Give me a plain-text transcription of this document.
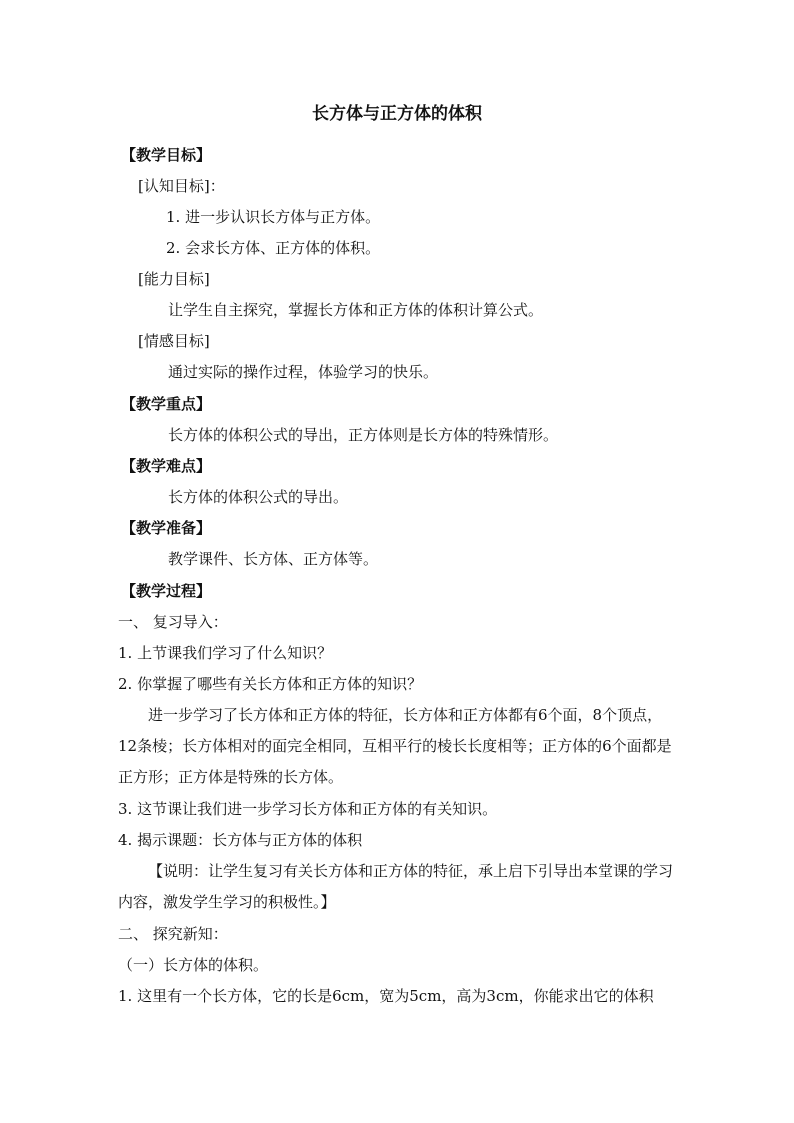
长方体与正方体的体积
【教学目标】
[认知目标]：
1. 进一步认识长方体与正方体。
2. 会求长方体、正方体的体积。
[能力目标]
让学生自主探究，掌握长方体和正方体的体积计算公式。
[情感目标]
通过实际的操作过程，体验学习的快乐。
【教学重点】
长方体的体积公式的导出，正方体则是长方体的特殊情形。
【教学难点】
长方体的体积公式的导出。
【教学准备】
教学课件、长方体、正方体等。
【教学过程】
一、 复习导入：
1. 上节课我们学习了什么知识？
2. 你掌握了哪些有关长方体和正方体的知识？
进一步学习了长方体和正方体的特征，长方体和正方体都有6个面，8个顶点，12条棱；长方体相对的面完全相同，互相平行的棱长长度相等；正方体的6个面都是正方形；正方体是特殊的长方体。
3. 这节课让我们进一步学习长方体和正方体的有关知识。
4. 揭示课题：长方体与正方体的体积
【说明：让学生复习有关长方体和正方体的特征，承上启下引导出本堂课的学习内容，激发学生学习的积极性。】
二、 探究新知：
（一）长方体的体积。
1. 这里有一个长方体，它的长是6cm，宽为5cm，高为3cm，你能求出它的体积
